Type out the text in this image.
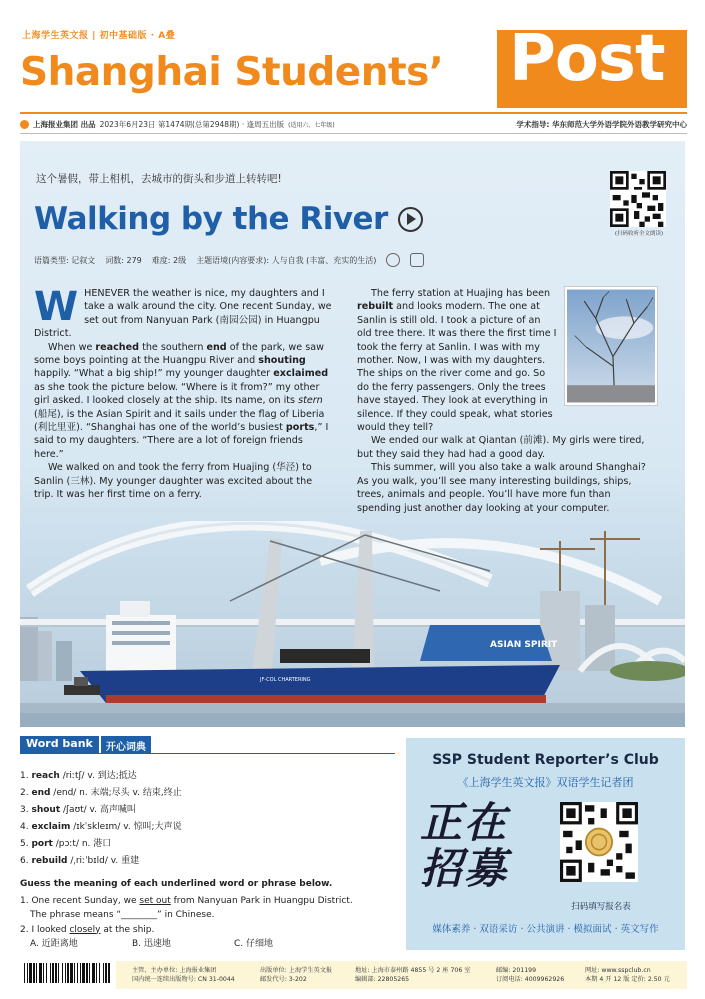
上海学生英文报 | 初中基础版 · A叠
Shanghai Students’ Post
上海报业集团 出品 2023年6月23日 第1474期(总第2948期) · 逢周五出版 (适用六、七年级)	学术指导: 华东师范大学外语学院外语教学研究中心
ASIAN SPIRIT
JF-COL CHARTERING
这个暑假，带上相机，去城市的街头和步道上转转吧!
Walking by the River
语篇类型: 记叙文 词数: 279 难度: 2级 主题语境(内容要求): 人与自我 (丰富、充实的生活)
(扫码收听全文朗读)

WHENEVER the weather is nice, my daughters and I take a walk around the city. One recent Sunday, we set out from Nanyuan Park (南园公园) in Huangpu District.

When we reached the southern end of the park, we saw some boys pointing at the Huangpu River and shouting happily. “What a big ship!” my younger daughter exclaimed as she took the picture below. “Where is it from?” my other girl asked. I looked closely at the ship. Its name, on its stern (船尾), is the Asian Spirit and it sails under the flag of Liberia (利比里亚). “Shanghai has one of the world’s busiest ports,” I said to my daughters. “There are a lot of foreign friends here.”

We walked on and took the ferry from Huajing (华泾) to Sanlin (三林). My younger daughter was excited about the trip. It was her first time on a ferry.

The ferry station at Huajing has been rebuilt and looks modern. The one at Sanlin is still old. I took a picture of an old tree there. It was there the first time I took the ferry at Sanlin. I was with my mother. Now, I was with my daughters. The ships on the river come and go. So do the ferry passengers. Only the trees have stayed. They look at everything in silence. If they could speak, what stories would they tell?

We ended our walk at Qiantan (前滩). My girls were tired, but they said they had had a good day.

This summer, will you also take a walk around Shanghai? As you walk, you’ll see many interesting buildings, ships, trees, animals and people. You’ll have more fun than spending just another day looking at your computer.

Word bank	开心词典
1. reach /riːtʃ/ v. 到达;抵达
2. end /end/ n. 末端;尽头 v. 结束,终止
3. shout /ʃaʊt/ v. 高声喊叫
4. exclaim /ɪkˈskleɪm/ v. 惊叫;大声说
5. port /pɔːt/ n. 港口
6. rebuild /ˌriːˈbɪld/ v. 重建
Guess the meaning of each underlined word or phrase below.
1. One recent Sunday, we set out from Nanyuan Park in Huangpu District.
The phrase means “________” in Chinese.
2. I looked closely at the ship.
A. 近距离地	B. 迅速地	C. 仔细地
SSP Student Reporter’s Club
《上海学生英文报》双语学生记者团
正在
招募
扫码填写报名表
媒体素养 · 双语采访 · 公共演讲 · 模拟面试 · 英文写作
主管、主办单位: 上海报业集团
国内统一连续出版物号: CN 31-0044
出版单位: 上海学生英文报
邮发代号: 3-202
地址: 上海市泰州路 4855 号 2 座 706 室
编辑部: 22805265
邮编: 201199
订阅电话: 4009962926
网址: www.sspclub.cn
本期 4 开 12 版 定价: 2.50 元
